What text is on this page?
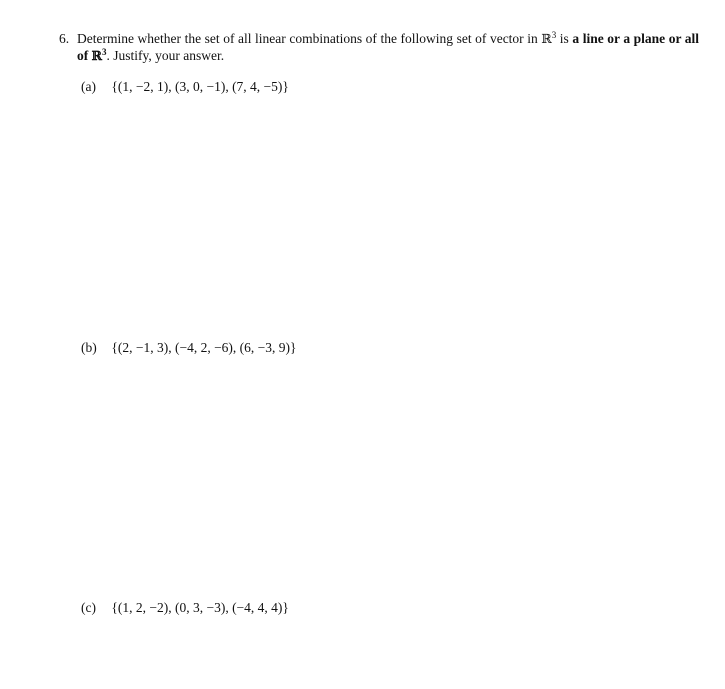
6. Determine whether the set of all linear combinations of the following set of vector in ℝ$^3$ is a line or a plane or all of ℝ$^3$. Justify, your answer.
(a) {(1, −2, 1), (3, 0, −1), (7, 4, −5)}
(b) {(2, −1, 3), (−4, 2, −6), (6, −3, 9)}
(c) {(1, 2, −2), (0, 3, −3), (−4, 4, 4)}
